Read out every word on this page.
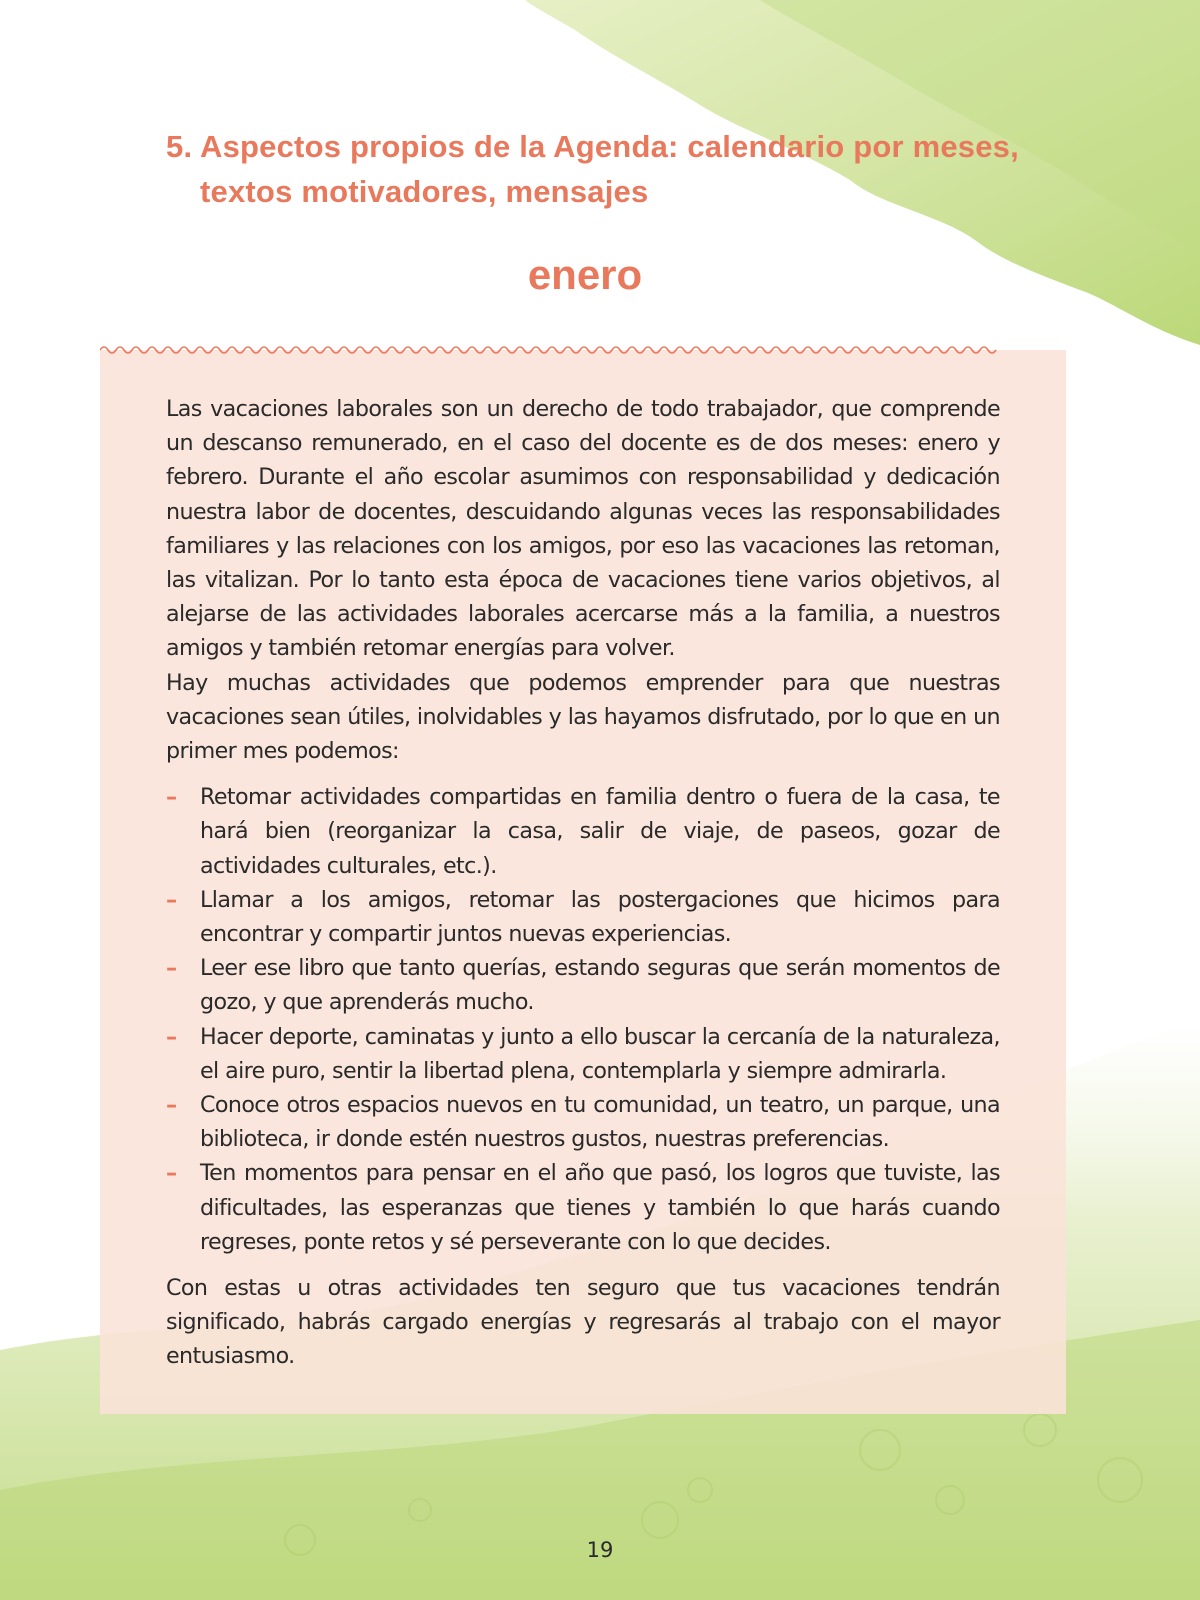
5. Aspectos propios de la Agenda: calendario por meses, textos motivadores, mensajes
enero

Las vacaciones laborales son un derecho de todo trabajador, que comprende un descanso remunerado, en el caso del docente es de dos meses: enero y febrero. Durante el año escolar asumimos con responsabilidad y dedicación nuestra labor de docentes, descuidando algunas veces las responsabilidades familiares y las relaciones con los amigos, por eso las vacaciones las retoman, las vitalizan. Por lo tanto esta época de vacaciones tiene varios objetivos, al alejarse de las actividades laborales acercarse más a la familia, a nuestros amigos y también retomar energías para volver.

Hay muchas actividades que podemos emprender para que nuestras vacaciones sean útiles, inolvidables y las hayamos disfrutado, por lo que en un primer mes podemos:

– Retomar actividades compartidas en familia dentro o fuera de la casa, te hará bien (reorganizar la casa, salir de viaje, de paseos, gozar de actividades culturales, etc.).
– Llamar a los amigos, retomar las postergaciones que hicimos para encontrar y compartir juntos nuevas experiencias.
– Leer ese libro que tanto querías, estando seguras que serán momentos de gozo, y que aprenderás mucho.
– Hacer deporte, caminatas y junto a ello buscar la cercanía de la naturaleza, el aire puro, sentir la libertad plena, contemplarla y siempre admirarla.
– Conoce otros espacios nuevos en tu comunidad, un teatro, un parque, una biblioteca, ir donde estén nuestros gustos, nuestras preferencias.
– Ten momentos para pensar en el año que pasó, los logros que tuviste, las dificultades, las esperanzas que tienes y también lo que harás cuando regreses, ponte retos y sé perseverante con lo que decides.

Con estas u otras actividades ten seguro que tus vacaciones tendrán significado, habrás cargado energías y regresarás al trabajo con el mayor entusiasmo.

19
